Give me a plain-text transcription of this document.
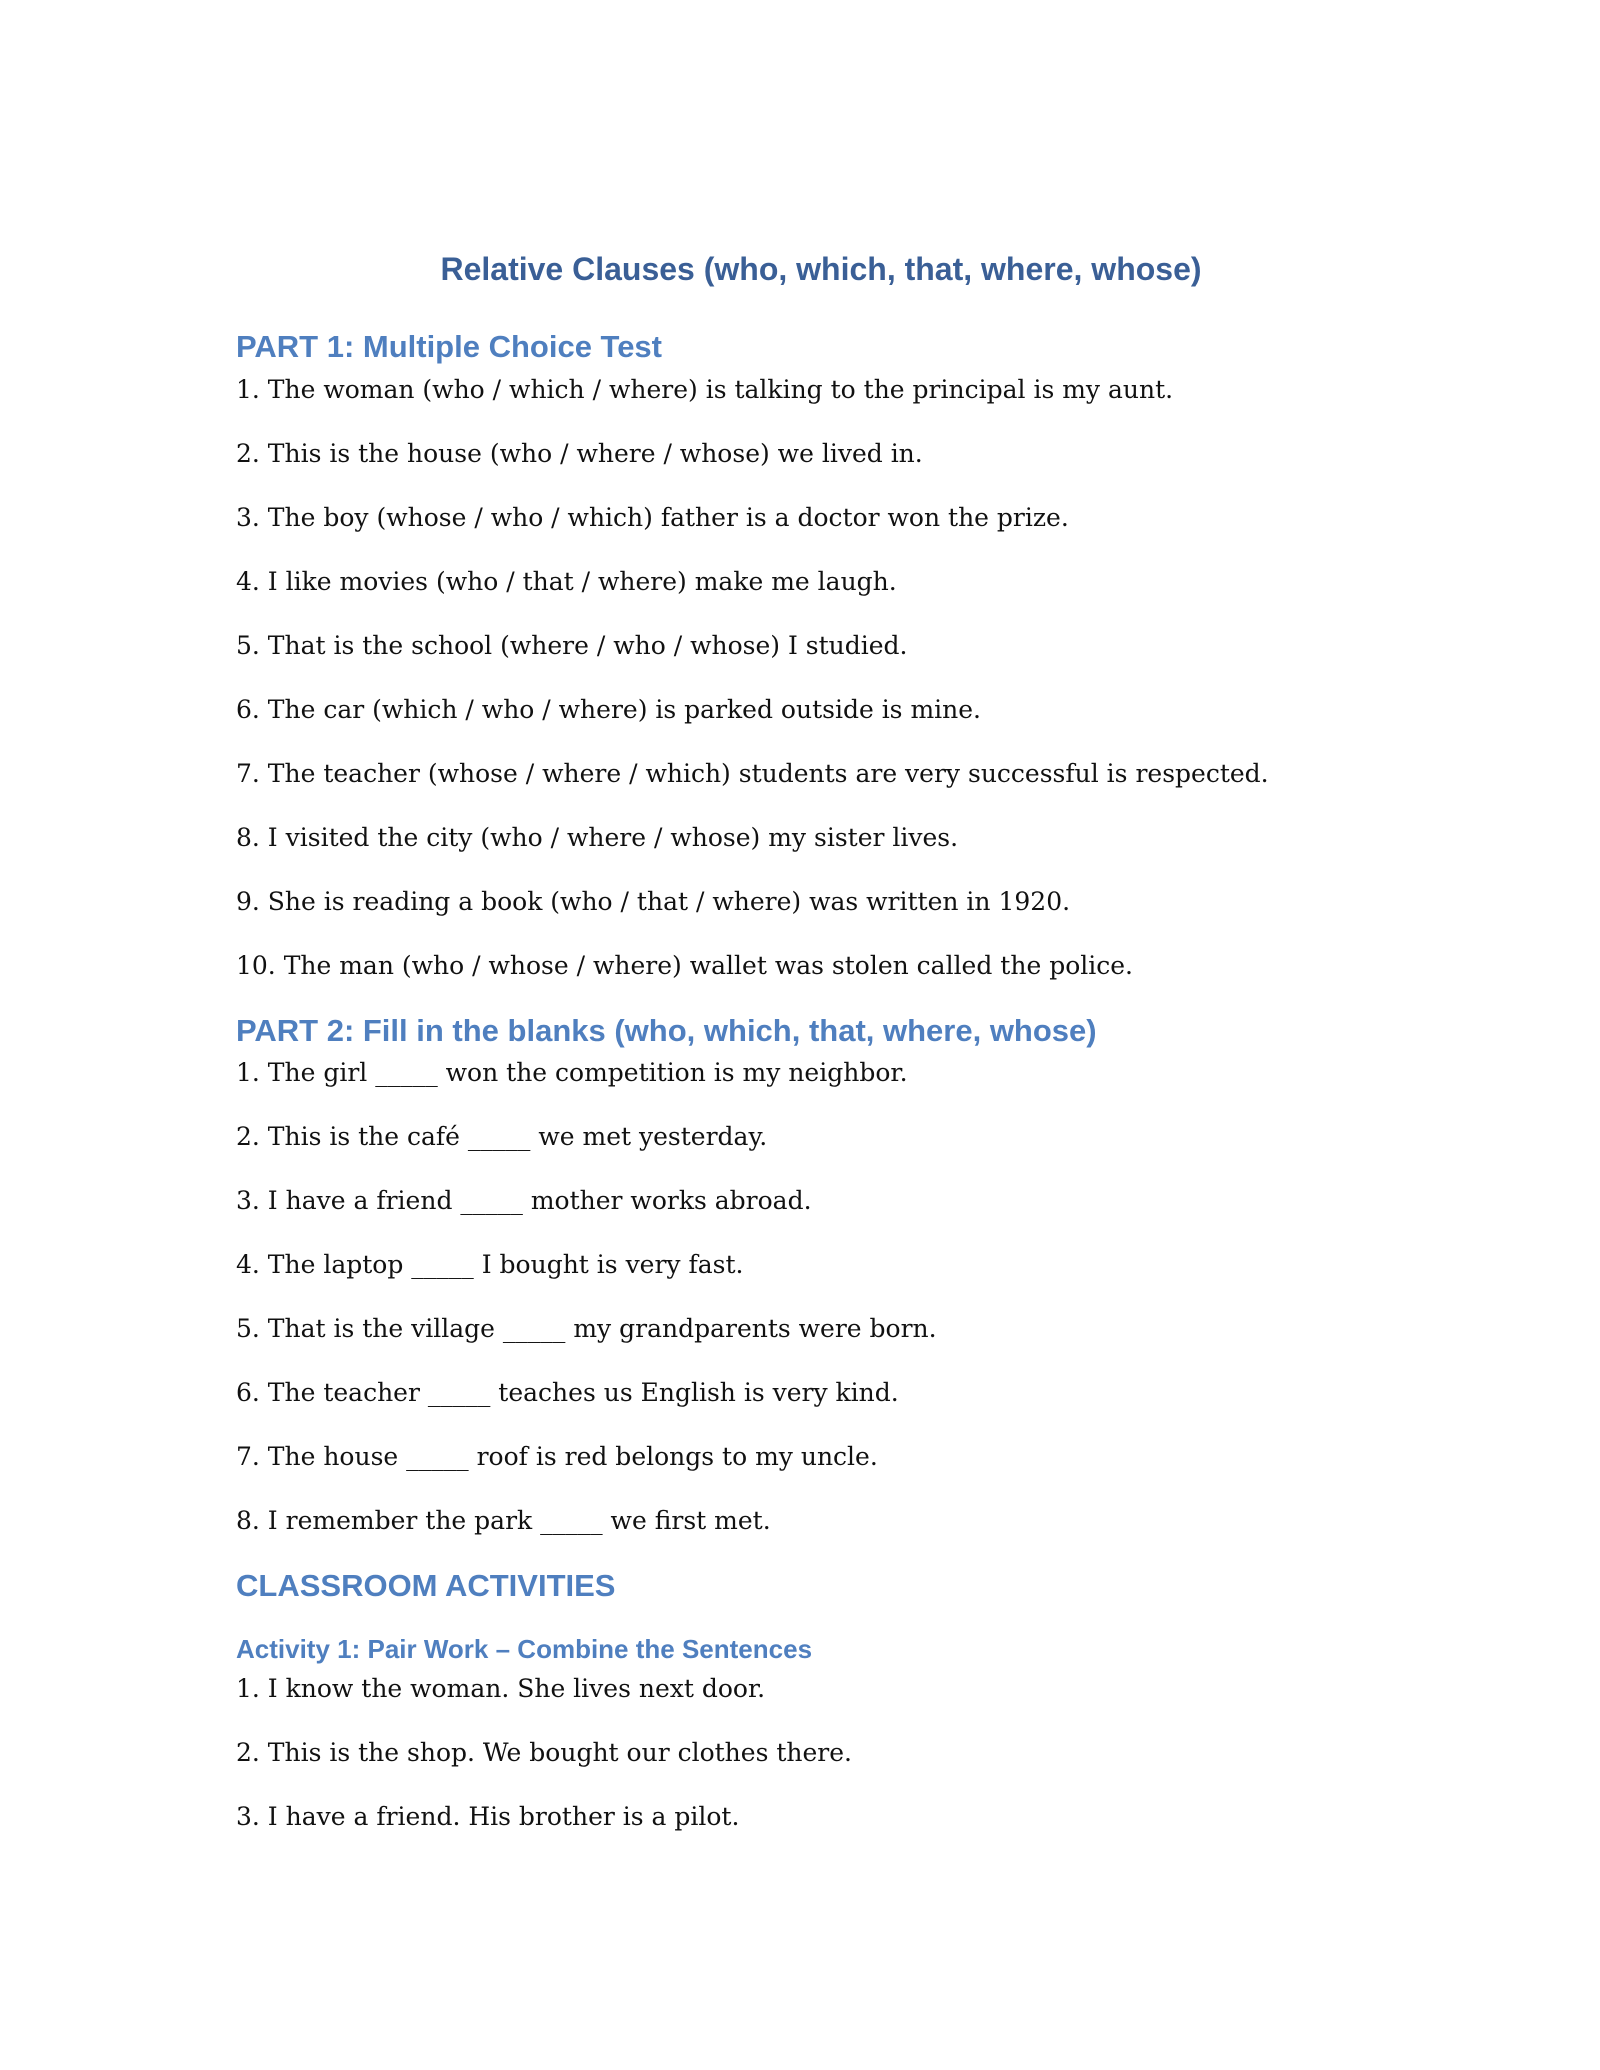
Relative Clauses (who, which, that, where, whose)
PART 1: Multiple Choice Test
1. The woman (who / which / where) is talking to the principal is my aunt.
2. This is the house (who / where / whose) we lived in.
3. The boy (whose / who / which) father is a doctor won the prize.
4. I like movies (who / that / where) make me laugh.
5. That is the school (where / who / whose) I studied.
6. The car (which / who / where) is parked outside is mine.
7. The teacher (whose / where / which) students are very successful is respected.
8. I visited the city (who / where / whose) my sister lives.
9. She is reading a book (who / that / where) was written in 1920.
10. The man (who / whose / where) wallet was stolen called the police.
PART 2: Fill in the blanks (who, which, that, where, whose)
1. The girl _____ won the competition is my neighbor.
2. This is the café _____ we met yesterday.
3. I have a friend _____ mother works abroad.
4. The laptop _____ I bought is very fast.
5. That is the village _____ my grandparents were born.
6. The teacher _____ teaches us English is very kind.
7. The house _____ roof is red belongs to my uncle.
8. I remember the park _____ we first met.
CLASSROOM ACTIVITIES
Activity 1: Pair Work – Combine the Sentences
1. I know the woman. She lives next door.
2. This is the shop. We bought our clothes there.
3. I have a friend. His brother is a pilot.
